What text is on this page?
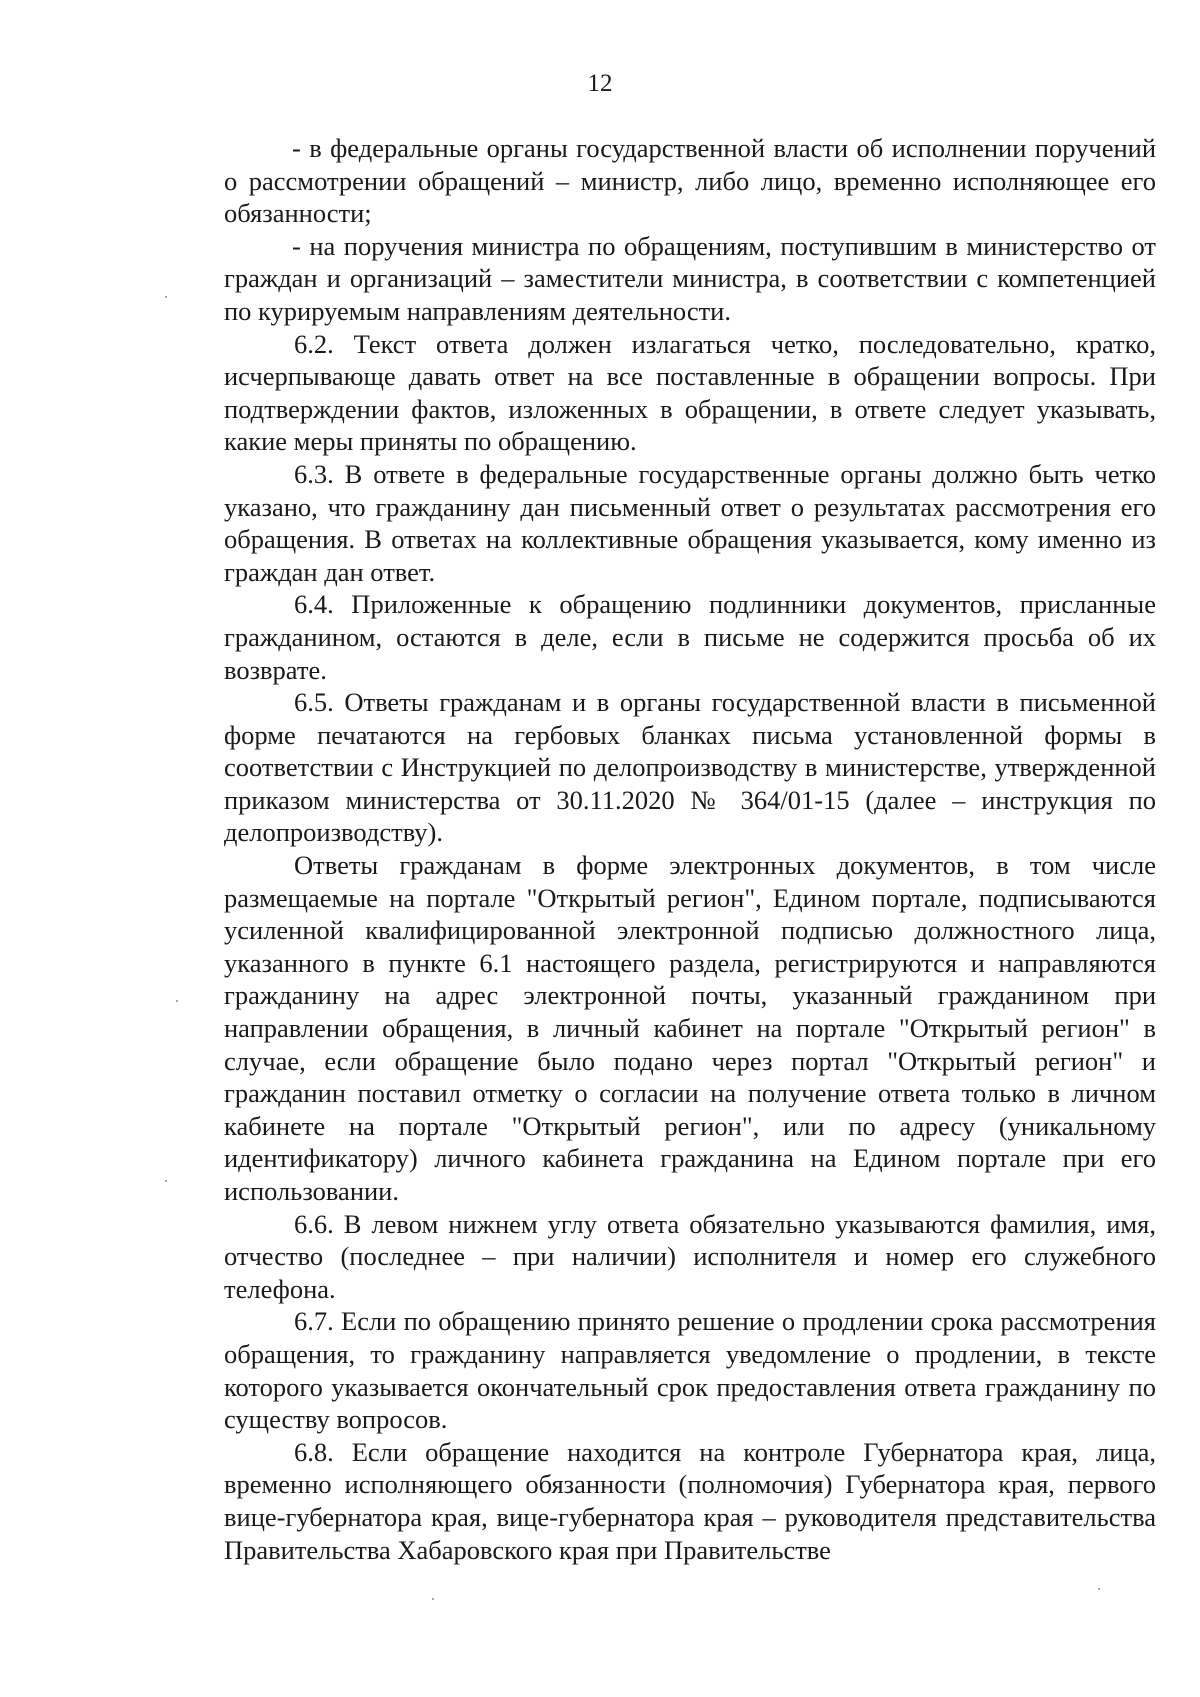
12

- в федеральные органы государственной власти об исполнении поручений о рассмотрении обращений – министр, либо лицо, временно исполняющее его обязанности;

- на поручения министра по обращениям, поступившим в министерство от граждан и организаций – заместители министра, в соответствии с компетенцией по курируемым направлениям деятельности.

6.2. Текст ответа должен излагаться четко, последовательно, кратко, исчерпывающе давать ответ на все поставленные в обращении вопросы. При подтверждении фактов, изложенных в обращении, в ответе следует указывать, какие меры приняты по обращению.

6.3. В ответе в федеральные государственные органы должно быть четко указано, что гражданину дан письменный ответ о результатах рассмотрения его обращения. В ответах на коллективные обращения указывается, кому именно из граждан дан ответ.

6.4. Приложенные к обращению подлинники документов, присланные гражданином, остаются в деле, если в письме не содержится просьба об их возврате.

6.5. Ответы гражданам и в органы государственной власти в письменной форме печатаются на гербовых бланках письма установленной формы в соответствии с Инструкцией по делопроизводству в министерстве, утвержденной приказом министерства от 30.11.2020 № 364/01-15 (далее – инструкция по делопроизводству).

Ответы гражданам в форме электронных документов, в том числе размещаемые на портале "Открытый регион", Едином портале, подписываются усиленной квалифицированной электронной подписью должностного лица, указанного в пункте 6.1 настоящего раздела, регистрируются и направляются гражданину на адрес электронной почты, указанный гражданином при направлении обращения, в личный кабинет на портале "Открытый регион" в случае, если обращение было подано через портал "Открытый регион" и гражданин поставил отметку о согласии на получение ответа только в личном кабинете на портале "Открытый регион", или по адресу (уникальному идентификатору) личного кабинета гражданина на Едином портале при его использовании.

6.6. В левом нижнем углу ответа обязательно указываются фамилия, имя, отчество (последнее – при наличии) исполнителя и номер его служебного телефона.

6.7. Если по обращению принято решение о продлении срока рассмотрения обращения, то гражданину направляется уведомление о продлении, в тексте которого указывается окончательный срок предоставления ответа гражданину по существу вопросов.

6.8. Если обращение находится на контроле Губернатора края, лица, временно исполняющего обязанности (полномочия) Губернатора края, первого вице-губернатора края, вице-губернатора края – руководителя представительства Правительства Хабаровского края при Правительстве
